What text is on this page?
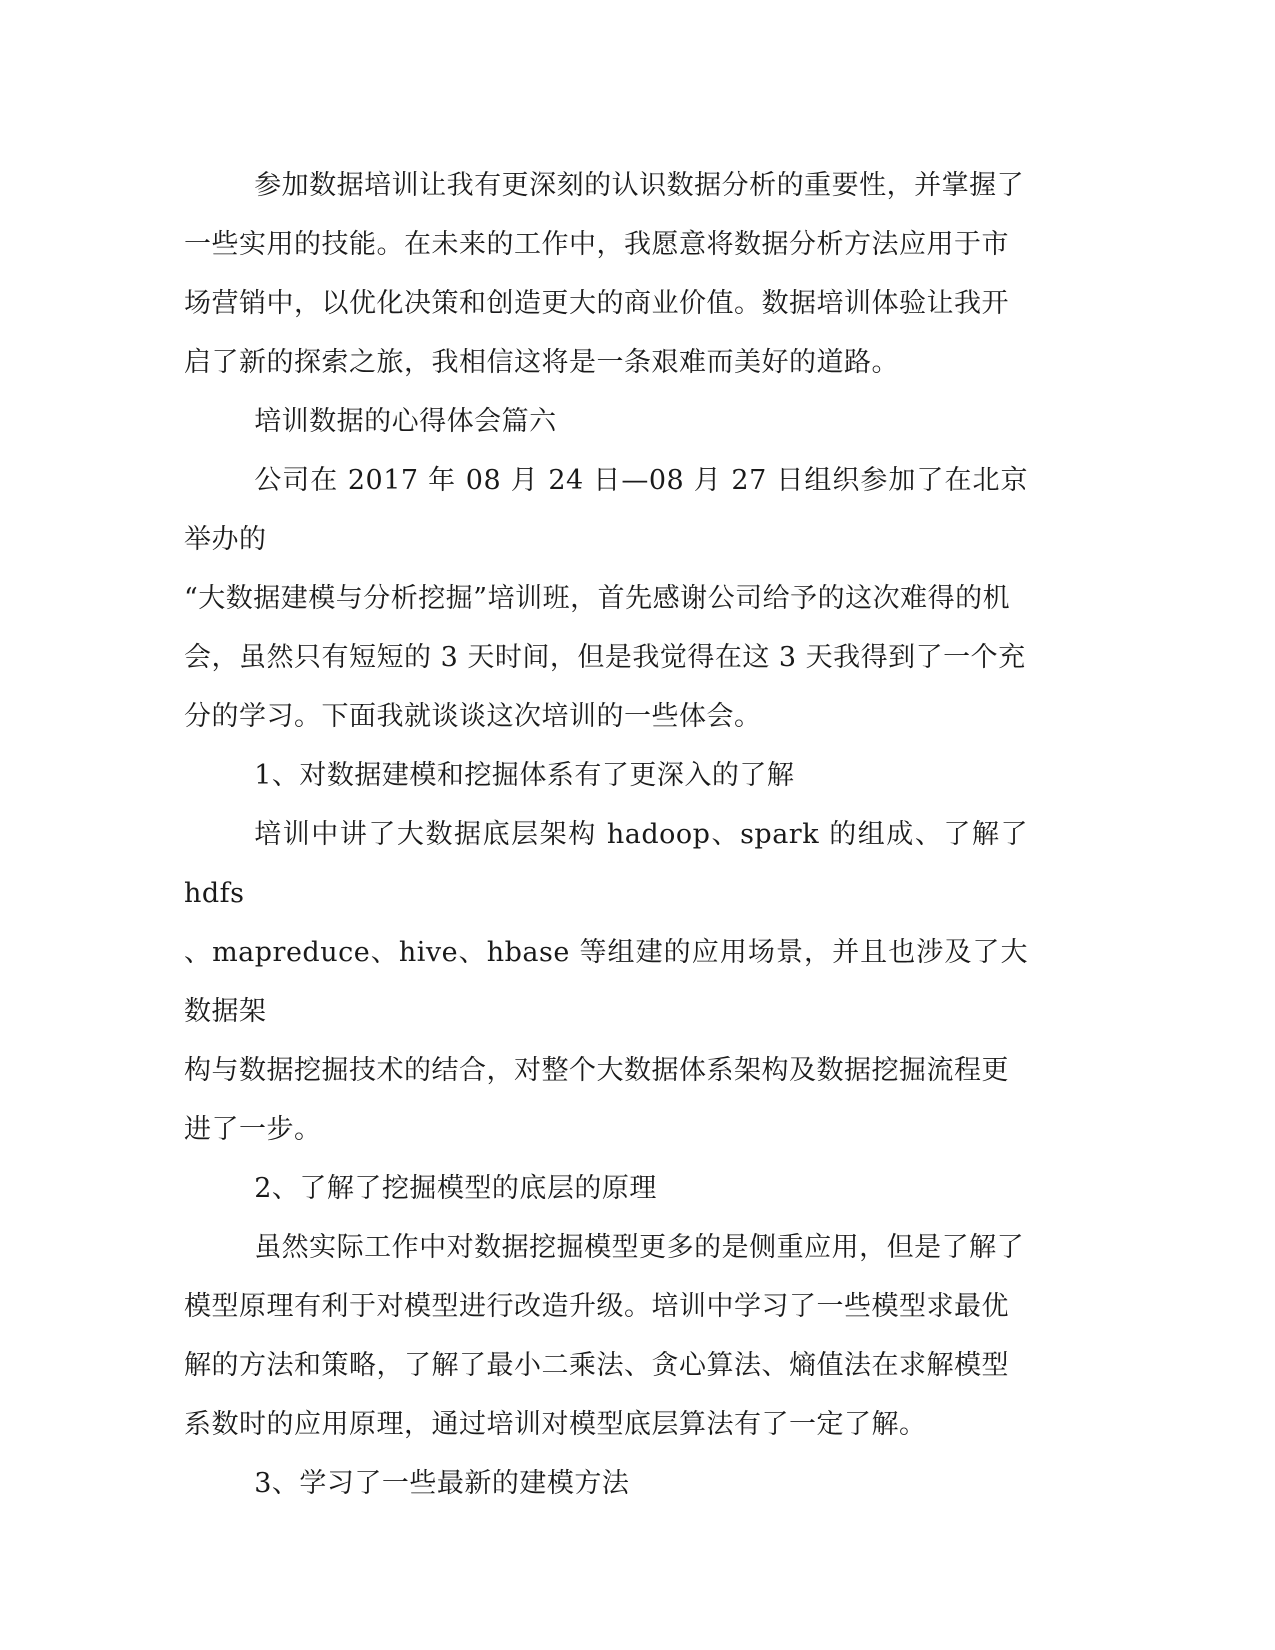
参加数据培训让我有更深刻的认识数据分析的重要性，并掌握了
一些实用的技能。在未来的工作中，我愿意将数据分析方法应用于市
场营销中，以优化决策和创造更大的商业价值。数据培训体验让我开
启了新的探索之旅，我相信这将是一条艰难而美好的道路。

培训数据的心得体会篇六

公司在 2017 年 08 月 24 日—08 月 27 日组织参加了在北京举办的
“大数据建模与分析挖掘”培训班，首先感谢公司给予的这次难得的机
会，虽然只有短短的 3 天时间，但是我觉得在这 3 天我得到了一个充
分的学习。下面我就谈谈这次培训的一些体会。

1、对数据建模和挖掘体系有了更深入的了解

培训中讲了大数据底层架构 hadoop、spark 的组成、了解了 hdfs
、mapreduce、hive、hbase 等组建的应用场景，并且也涉及了大数据架
构与数据挖掘技术的结合，对整个大数据体系架构及数据挖掘流程更
进了一步。

2、了解了挖掘模型的底层的原理

虽然实际工作中对数据挖掘模型更多的是侧重应用，但是了解了
模型原理有利于对模型进行改造升级。培训中学习了一些模型求最优
解的方法和策略，了解了最小二乘法、贪心算法、熵值法在求解模型
系数时的应用原理，通过培训对模型底层算法有了一定了解。

3、学习了一些最新的建模方法
